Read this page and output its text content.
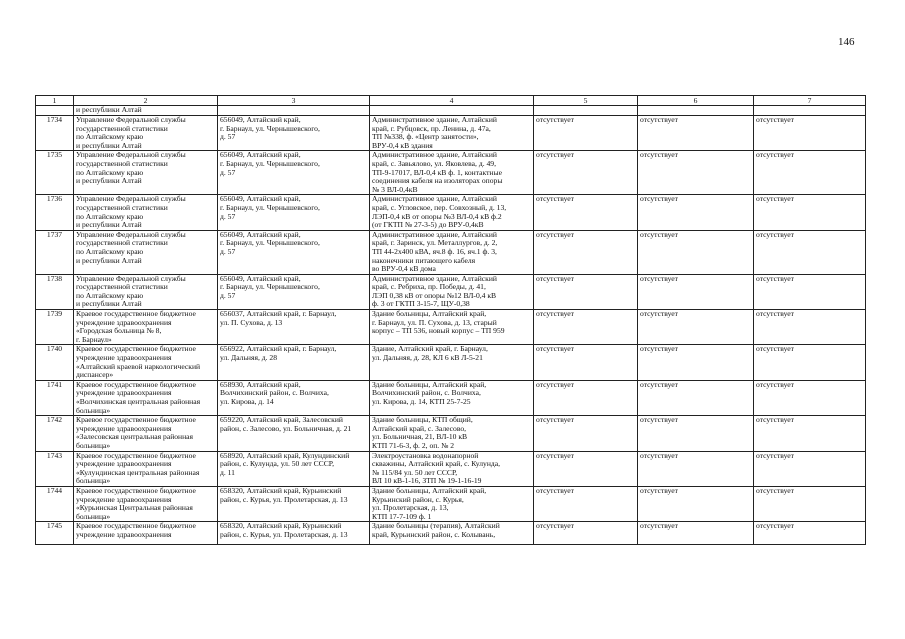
146
1	2	3	4	5	6	7
	и республики Алтай					
1734	Управление Федеральной службы
государственной статистики
по Алтайскому краю
и республики Алтай	656049, Алтайский край,
г. Барнаул, ул. Чернышевского,
д. 57	Административное здание, Алтайский
край, г. Рубцовск, пр. Ленина, д. 47а,
ТП №338, ф. «Центр занятости»,
ВРУ-0,4 кВ здания	отсутствует	отсутствует	отсутствует
1735	Управление Федеральной службы
государственной статистики
по Алтайскому краю
и республики Алтай	656049, Алтайский край,
г. Барнаул, ул. Чернышевского,
д. 57	Административное здание, Алтайский
край, с. Завьялово, ул. Яковлева, д. 49,
ТП-9-17017, ВЛ-0,4 кВ ф. 1, контактные
соединения кабеля на изоляторах опоры
№ 3 ВЛ-0,4кВ	отсутствует	отсутствует	отсутствует
1736	Управление Федеральной службы
государственной статистики
по Алтайскому краю
и республики Алтай	656049, Алтайский край,
г. Барнаул, ул. Чернышевского,
д. 57	Административное здание, Алтайский
край, с. Угловское, пер. Совхозный, д. 13,
ЛЭП-0,4 кВ от опоры №3 ВЛ-0,4 кВ ф.2
(от ГКТП № 27-3-5) до ВРУ-0,4кВ	отсутствует	отсутствует	отсутствует
1737	Управление Федеральной службы
государственной статистики
по Алтайскому краю
и республики Алтай	656049, Алтайский край,
г. Барнаул, ул. Чернышевского,
д. 57	Административное здание, Алтайский
край, г. Заринск, ул. Металлургов, д. 2,
ТП 44-2х400 кВА, яч.8 ф. 16, яч.1 ф. 3,
наконечники питающего кабеля
во ВРУ-0,4 кВ дома	отсутствует	отсутствует	отсутствует
1738	Управление Федеральной службы
государственной статистики
по Алтайскому краю
и республики Алтай	656049, Алтайский край,
г. Барнаул, ул. Чернышевского,
д. 57	Административное здание, Алтайский
край, с. Ребриха, пр. Победы, д. 41,
ЛЭП 0,38 кВ от опоры №12 ВЛ-0,4 кВ
ф. 3 от ГКТП 3-15-7, ЩУ-0,38	отсутствует	отсутствует	отсутствует
1739	Краевое государственное бюджетное
учреждение здравоохранения
«Городская больница № 8,
г. Барнаул»	656037, Алтайский край, г. Барнаул,
ул. П. Сухова, д. 13	Здание больницы, Алтайский край,
г. Барнаул, ул. П. Сухова, д. 13, старый
корпус – ТП 536, новый корпус – ТП 959	отсутствует	отсутствует	отсутствует
1740	Краевое государственное бюджетное
учреждение здравоохранения
«Алтайский краевой наркологический
диспансер»	656922, Алтайский край, г. Барнаул,
ул. Дальняя, д. 28	Здание, Алтайский край, г. Барнаул,
ул. Дальняя, д. 28, КЛ 6 кВ Л-5-21	отсутствует	отсутствует	отсутствует
1741	Краевое государственное бюджетное
учреждение здравоохранения
«Волчихинская центральная районная
больница»	658930, Алтайский край,
Волчихинский район, с. Волчиха,
ул. Кирова, д. 14	Здание больницы, Алтайский край,
Волчихинский район, с. Волчиха,
ул. Кирова, д. 14, КТП 25-7-25	отсутствует	отсутствует	отсутствует
1742	Краевое государственное бюджетное
учреждение здравоохранения
«Залесовская центральная районная
больница»	659220, Алтайский край, Залесовский
район, с. Залесово, ул. Больничная, д. 21	Здание больницы, КТП общий,
Алтайский край, с. Залесово,
ул. Больничная, 21, ВЛ-10 кВ
КТП 71-6-3, ф. 2, оп. № 2	отсутствует	отсутствует	отсутствует
1743	Краевое государственное бюджетное
учреждение здравоохранения
«Кулундинская центральная районная
больница»	658920, Алтайский край, Кулундинский
район, с. Кулунда, ул. 50 лет СССР,
д. 11	Электроустановка водонапорной
скважины, Алтайский край, с. Кулунда,
№ 115/84 ул. 50 лет СССР,
ВЛ 10 кВ-1-16, ЗТП № 19-1-16-19	отсутствует	отсутствует	отсутствует
1744	Краевое государственное бюджетное
учреждение здравоохранения
«Курьинская Центральная районная
больница»	658320, Алтайский край, Курьинский
район, с. Курья, ул. Пролетарская, д. 13	Здание больницы, Алтайский край,
Курьинский район, с. Курья,
ул. Пролетарская, д. 13,
КТП 17-7-109 ф. 1	отсутствует	отсутствует	отсутствует
1745	Краевое государственное бюджетное
учреждение здравоохранения	658320, Алтайский край, Курьинский
район, с. Курья, ул. Пролетарская, д. 13	Здание больницы (терапия), Алтайский
край, Курьинский район, с. Колывань,	отсутствует	отсутствует	отсутствует
